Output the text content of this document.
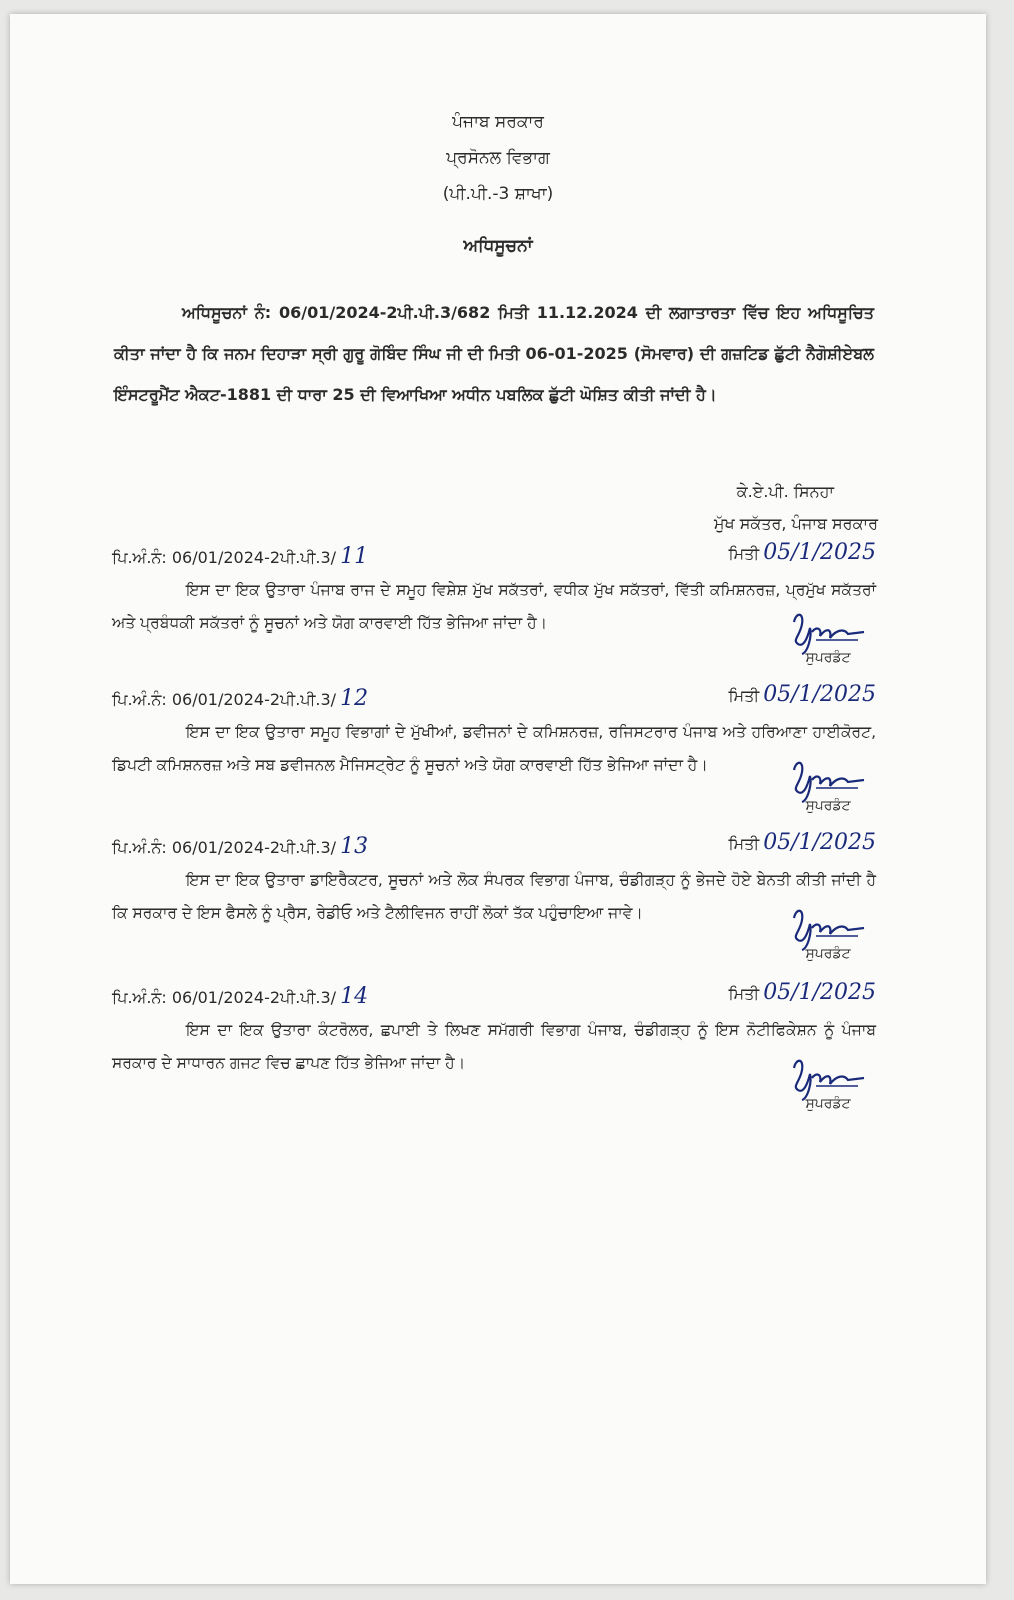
ਪੰਜਾਬ ਸਰਕਾਰ
ਪ੍ਰਸੋਨਲ ਵਿਭਾਗ
(ਪੀ.ਪੀ.-3 ਸ਼ਾਖਾ)
ਅਧਿਸੂਚਨਾਂ
ਅਧਿਸੂਚਨਾਂ ਨੰ: 06/01/2024-2ਪੀ.ਪੀ.3/682 ਮਿਤੀ 11.12.2024 ਦੀ ਲਗਾਤਾਰਤਾ ਵਿੱਚ ਇਹ ਅਧਿਸੂਚਿਤ ਕੀਤਾ ਜਾਂਦਾ ਹੈ ਕਿ ਜਨਮ ਦਿਹਾੜਾ ਸ੍ਰੀ ਗੁਰੂ ਗੋਬਿੰਦ ਸਿੰਘ ਜੀ ਦੀ ਮਿਤੀ 06-01-2025 (ਸੋਮਵਾਰ) ਦੀ ਗਜ਼ਟਿਡ ਛੁੱਟੀ ਨੈਗੋਸ਼ੀਏਬਲ ਇੰਸਟਰੂਮੈਂਟ ਐਕਟ-1881 ਦੀ ਧਾਰਾ 25 ਦੀ ਵਿਆਖਿਆ ਅਧੀਨ ਪਬਲਿਕ ਛੁੱਟੀ ਘੋਸ਼ਿਤ ਕੀਤੀ ਜਾਂਦੀ ਹੈ।
ਕੇ.ਏ.ਪੀ. ਸਿਨਹਾ
ਮੁੱਖ ਸਕੱਤਰ, ਪੰਜਾਬ ਸਰਕਾਰ
ਪਿ.ਅੰ.ਨੰ: 06/01/2024-2ਪੀ.ਪੀ.3/ 11	ਮਿਤੀ 05/1/2025
ਇਸ ਦਾ ਇਕ ਉਤਾਰਾ ਪੰਜਾਬ ਰਾਜ ਦੇ ਸਮੂਹ ਵਿਸ਼ੇਸ਼ ਮੁੱਖ ਸਕੱਤਰਾਂ, ਵਧੀਕ ਮੁੱਖ ਸਕੱਤਰਾਂ, ਵਿੱਤੀ ਕਮਿਸ਼ਨਰਜ਼, ਪ੍ਰਮੁੱਖ ਸਕੱਤਰਾਂ ਅਤੇ ਪ੍ਰਬੰਧਕੀ ਸਕੱਤਰਾਂ ਨੂੰ ਸੂਚਨਾਂ ਅਤੇ ਯੋਗ ਕਾਰਵਾਈ ਹਿੱਤ ਭੇਜਿਆ ਜਾਂਦਾ ਹੈ।
ਸੁਪਰਡੰਟ
ਪਿ.ਅੰ.ਨੰ: 06/01/2024-2ਪੀ.ਪੀ.3/ 12	ਮਿਤੀ 05/1/2025
ਇਸ ਦਾ ਇਕ ਉਤਾਰਾ ਸਮੂਹ ਵਿਭਾਗਾਂ ਦੇ ਮੁੱਖੀਆਂ, ਡਵੀਜਨਾਂ ਦੇ ਕਮਿਸ਼ਨਰਜ਼, ਰਜਿਸਟਰਾਰ ਪੰਜਾਬ ਅਤੇ ਹਰਿਆਣਾ ਹਾਈਕੋਰਟ, ਡਿਪਟੀ ਕਮਿਸ਼ਨਰਜ਼ ਅਤੇ ਸਬ ਡਵੀਜਨਲ ਮੈਜਿਸਟ੍ਰੇਟ ਨੂੰ ਸੂਚਨਾਂ ਅਤੇ ਯੋਗ ਕਾਰਵਾਈ ਹਿੱਤ ਭੇਜਿਆ ਜਾਂਦਾ ਹੈ।
ਸੁਪਰਡੰਟ
ਪਿ.ਅੰ.ਨੰ: 06/01/2024-2ਪੀ.ਪੀ.3/ 13	ਮਿਤੀ 05/1/2025
ਇਸ ਦਾ ਇਕ ਉਤਾਰਾ ਡਾਇਰੈਕਟਰ, ਸੂਚਨਾਂ ਅਤੇ ਲੋਕ ਸੰਪਰਕ ਵਿਭਾਗ ਪੰਜਾਬ, ਚੰਡੀਗੜ੍ਹ ਨੂੰ ਭੇਜਦੇ ਹੋਏ ਬੇਨਤੀ ਕੀਤੀ ਜਾਂਦੀ ਹੈ ਕਿ ਸਰਕਾਰ ਦੇ ਇਸ ਫੈਸਲੇ ਨੂੰ ਪ੍ਰੈਸ, ਰੇਡੀਓ ਅਤੇ ਟੈਲੀਵਿਜਨ ਰਾਹੀਂ ਲੋਕਾਂ ਤੱਕ ਪਹੁੰਚਾਇਆ ਜਾਵੇ।
ਸੁਪਰਡੰਟ
ਪਿ.ਅੰ.ਨੰ: 06/01/2024-2ਪੀ.ਪੀ.3/ 14	ਮਿਤੀ 05/1/2025
ਇਸ ਦਾ ਇਕ ਉਤਾਰਾ ਕੰਟਰੋਲਰ, ਛਪਾਈ ਤੇ ਲਿਖਣ ਸਮੱਗਰੀ ਵਿਭਾਗ ਪੰਜਾਬ, ਚੰਡੀਗੜ੍ਹ ਨੂੰ ਇਸ ਨੋਟੀਫਿਕੇਸ਼ਨ ਨੂੰ ਪੰਜਾਬ ਸਰਕਾਰ ਦੇ ਸਾਧਾਰਨ ਗਜਟ ਵਿਚ ਛਾਪਣ ਹਿੱਤ ਭੇਜਿਆ ਜਾਂਦਾ ਹੈ।
ਸੁਪਰਡੰਟ
